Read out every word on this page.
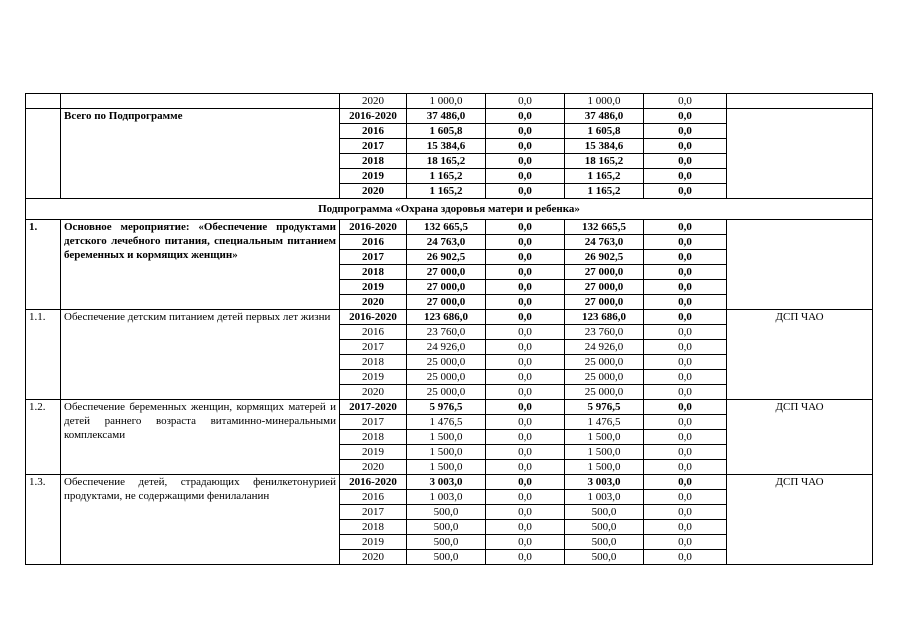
		2020	1 000,0	0,0	1 000,0	0,0	
	Всего по Подпрограмме	2016-2020	37 486,0	0,0	37 486,0	0,0	
		2016	1 605,8	0,0	1 605,8	0,0	
		2017	15 384,6	0,0	15 384,6	0,0	
		2018	18 165,2	0,0	18 165,2	0,0	
		2019	1 165,2	0,0	1 165,2	0,0	
		2020	1 165,2	0,0	1 165,2	0,0	
Подпрограмма «Охрана здоровья матери и ребенка»							
1.	Основное мероприятие: «Обеспечение продуктами детского лечебного питания, специальным питанием беременных и кормящих женщин»	2016-2020	132 665,5	0,0	132 665,5	0,0	
		2016	24 763,0	0,0	24 763,0	0,0	
		2017	26 902,5	0,0	26 902,5	0,0	
		2018	27 000,0	0,0	27 000,0	0,0	
		2019	27 000,0	0,0	27 000,0	0,0	
		2020	27 000,0	0,0	27 000,0	0,0	
1.1.	Обеспечение детским питанием детей первых лет жизни	2016-2020	123 686,0	0,0	123 686,0	0,0	ДСП ЧАО
		2016	23 760,0	0,0	23 760,0	0,0	
		2017	24 926,0	0,0	24 926,0	0,0	
		2018	25 000,0	0,0	25 000,0	0,0	
		2019	25 000,0	0,0	25 000,0	0,0	
		2020	25 000,0	0,0	25 000,0	0,0	
1.2.	Обеспечение беременных женщин, кормящих матерей и детей раннего возраста витаминно-минеральными комплексами	2017-2020	5 976,5	0,0	5 976,5	0,0	ДСП ЧАО
		2017	1 476,5	0,0	1 476,5	0,0	
		2018	1 500,0	0,0	1 500,0	0,0	
		2019	1 500,0	0,0	1 500,0	0,0	
		2020	1 500,0	0,0	1 500,0	0,0	
1.3.	Обеспечение детей, страдающих фенилкетонурией продуктами, не содержащими фенилаланин	2016-2020	3 003,0	0,0	3 003,0	0,0	ДСП ЧАО
		2016	1 003,0	0,0	1 003,0	0,0	
		2017	500,0	0,0	500,0	0,0	
		2018	500,0	0,0	500,0	0,0	
		2019	500,0	0,0	500,0	0,0	
		2020	500,0	0,0	500,0	0,0	
